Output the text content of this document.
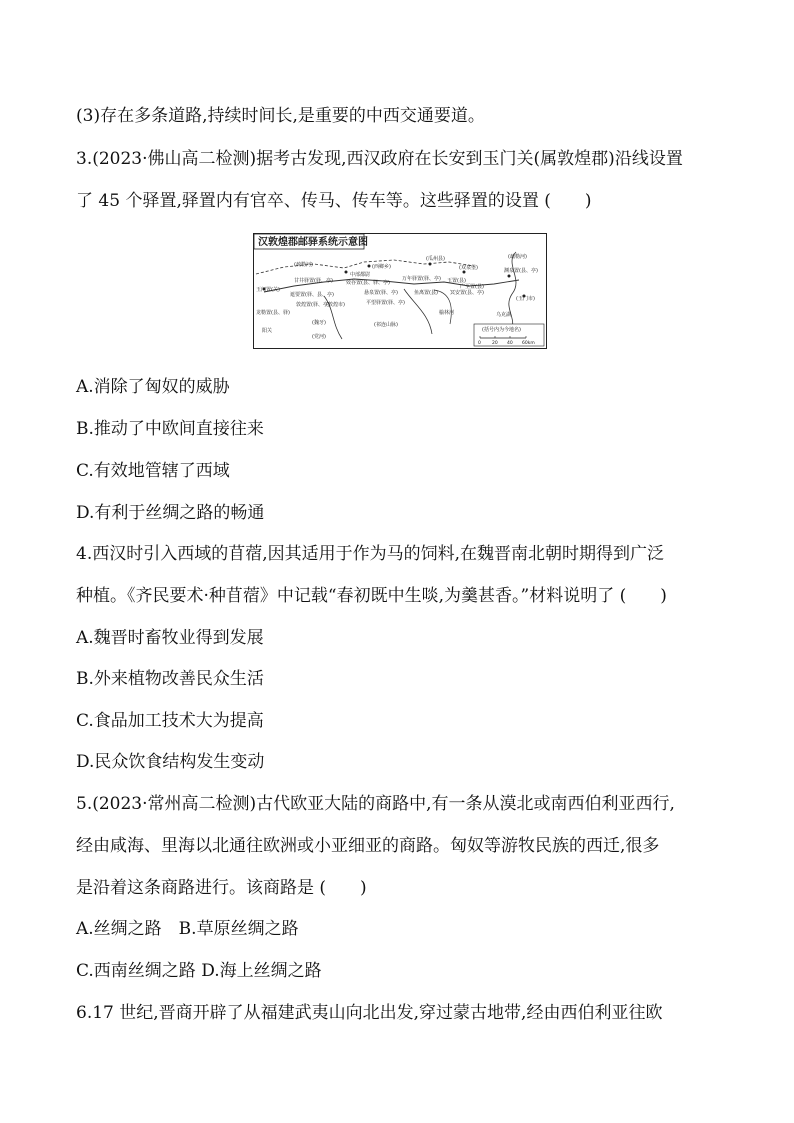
(3)存在多条道路,持续时间长,是重要的中西交通要道。
3.(2023·佛山高二检测)据考古发现,西汉政府在长安到玉门关(属敦煌郡)沿线设置
了 45 个驿置,驿置内有官卒、传马、传车等。这些驿置的设置 (　　)
汉敦煌郡邮驿系统示意图
(疏勒河)	(西鄉乡)
(瓜州县)	(疏勒河)
玉门置(关)
中部都尉
万年驿置(驿、亭)
(双泉堡)	渊泉置(县、亭)
甘井驿置(驿、亭)	效谷置(县、驿、亭)	玉置(县)
遮要置(驿、县、亭)	悬泉置(驿、亭)	鱼离置(县)
(玉门市)
敦煌置(驿、亭)	平望驿置(驿、亭)
冥安置(县、亭)
广至置(县)
龙勒置(县、驿)
(敦煌市)
阳关
(党河)
(魏牙)	(祁连山脉)
榆林河	乌克湖
(括号内为今地名)
0 20 40 60km
A.消除了匈奴的威胁
B.推动了中欧间直接往来
C.有效地管辖了西域
D.有利于丝绸之路的畅通
4.西汉时引入西域的苜蓿,因其适用于作为马的饲料,在魏晋南北朝时期得到广泛
种植。《齐民要术·种苜蓿》中记载“春初既中生啖,为羹甚香。”材料说明了 (　　)
A.魏晋时畜牧业得到发展
B.外来植物改善民众生活
C.食品加工技术大为提高
D.民众饮食结构发生变动
5.(2023·常州高二检测)古代欧亚大陆的商路中,有一条从漠北或南西伯利亚西行,
经由咸海、里海以北通往欧洲或小亚细亚的商路。匈奴等游牧民族的西迁,很多
是沿着这条商路进行。该商路是 (　　)
A.丝绸之路　B.草原丝绸之路
C.西南丝绸之路 D.海上丝绸之路
6.17 世纪,晋商开辟了从福建武夷山向北出发,穿过蒙古地带,经由西伯利亚往欧
